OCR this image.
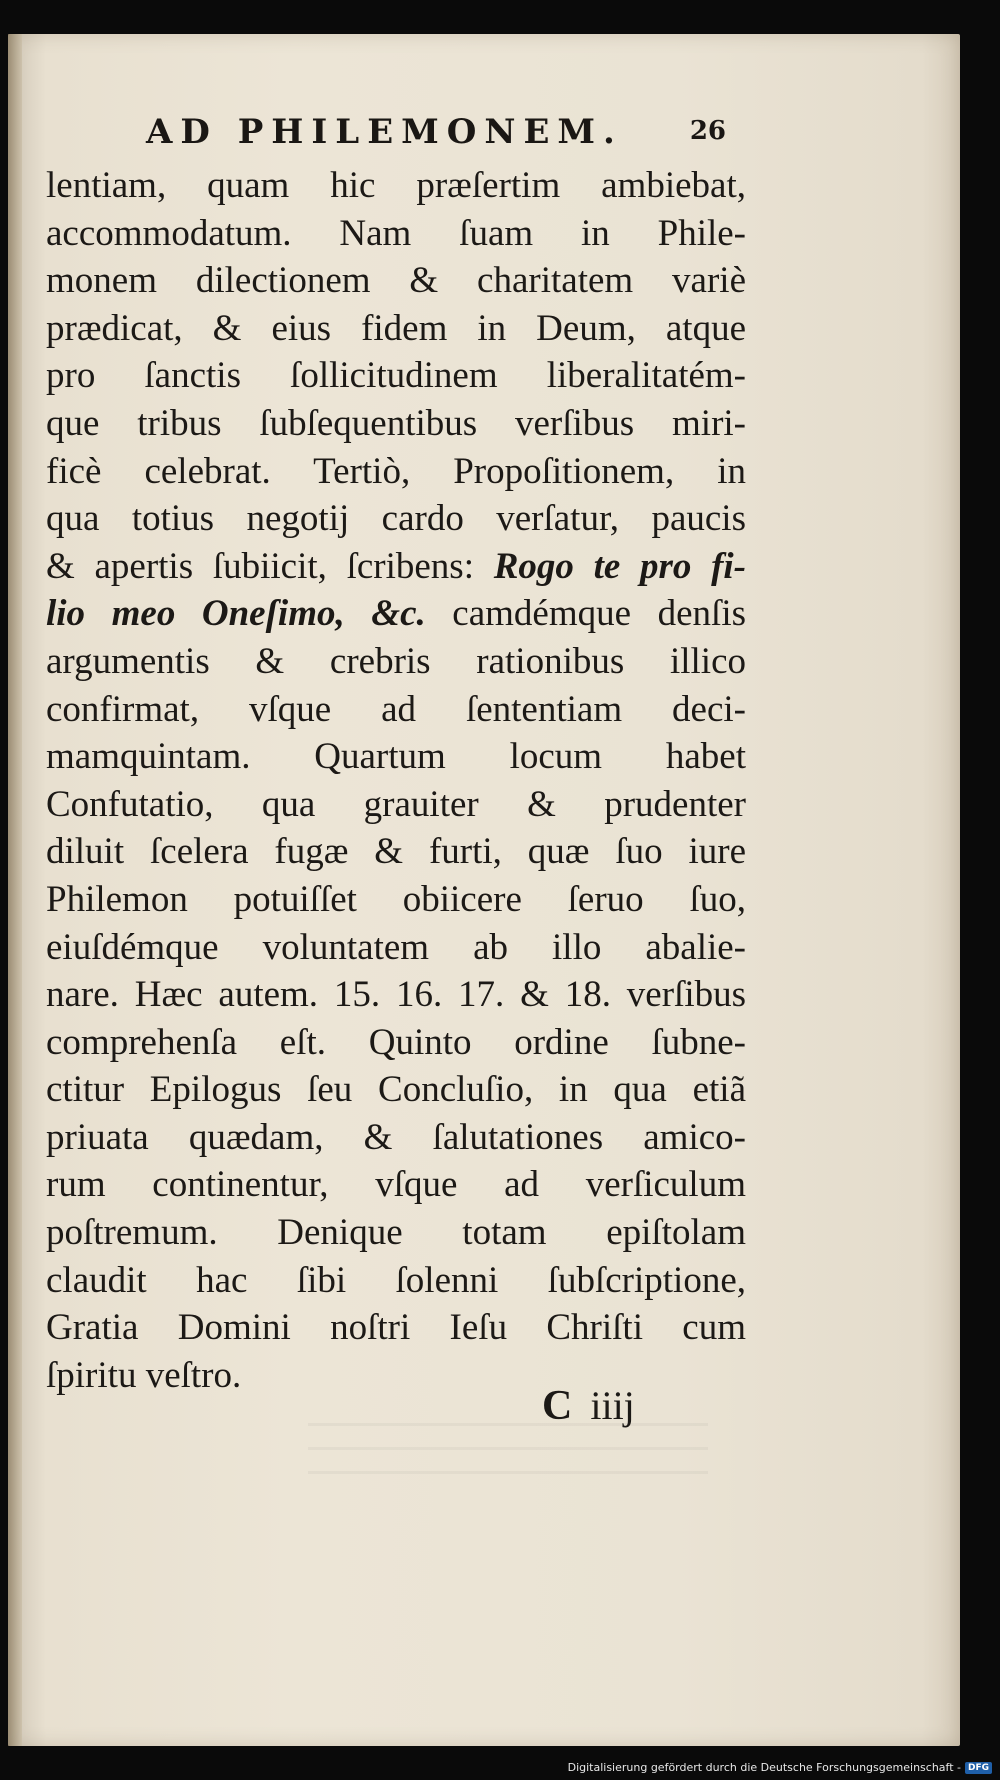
AD PHILEMONEM.	26
lentiam, quam hic præſertim ambiebat,
accommodatum. Nam ſuam in Phile-
monem dilectionem & charitatem variè
prædicat, & eius fidem in Deum, atque
pro ſanctis ſollicitudinem liberalitatém-
que tribus ſubſequentibus verſibus miri-
ficè celebrat. Tertiò, Propoſitionem, in
qua totius negotij cardo verſatur, paucis
& apertis ſubiicit, ſcribens: Rogo te pro fi-
lio meo Oneſimo, &c. camdémque denſis
argumentis & crebris rationibus illico
confirmat, vſque ad ſententiam deci-
mamquintam. Quartum locum habet
Confutatio, qua grauiter & prudenter
diluit ſcelera fugæ & furti, quæ ſuo iure
Philemon potuiſſet obiicere ſeruo ſuo,
eiuſdémque voluntatem ab illo abalie-
nare. Hæc autem. 15. 16. 17. & 18. verſibus
comprehenſa eſt. Quinto ordine ſubne-
ctitur Epilogus ſeu Concluſio, in qua etiã
priuata quædam, & ſalutationes amico-
rum continentur, vſque ad verſiculum
poſtremum. Denique totam epiſtolam
claudit hac ſibi ſolenni ſubſcriptione,
Gratia Domini noſtri Ieſu Chriſti cum
ſpiritu veſtro.
C iiij
Digitalisierung gefördert durch die Deutsche Forschungsgemeinschaft - DFG
